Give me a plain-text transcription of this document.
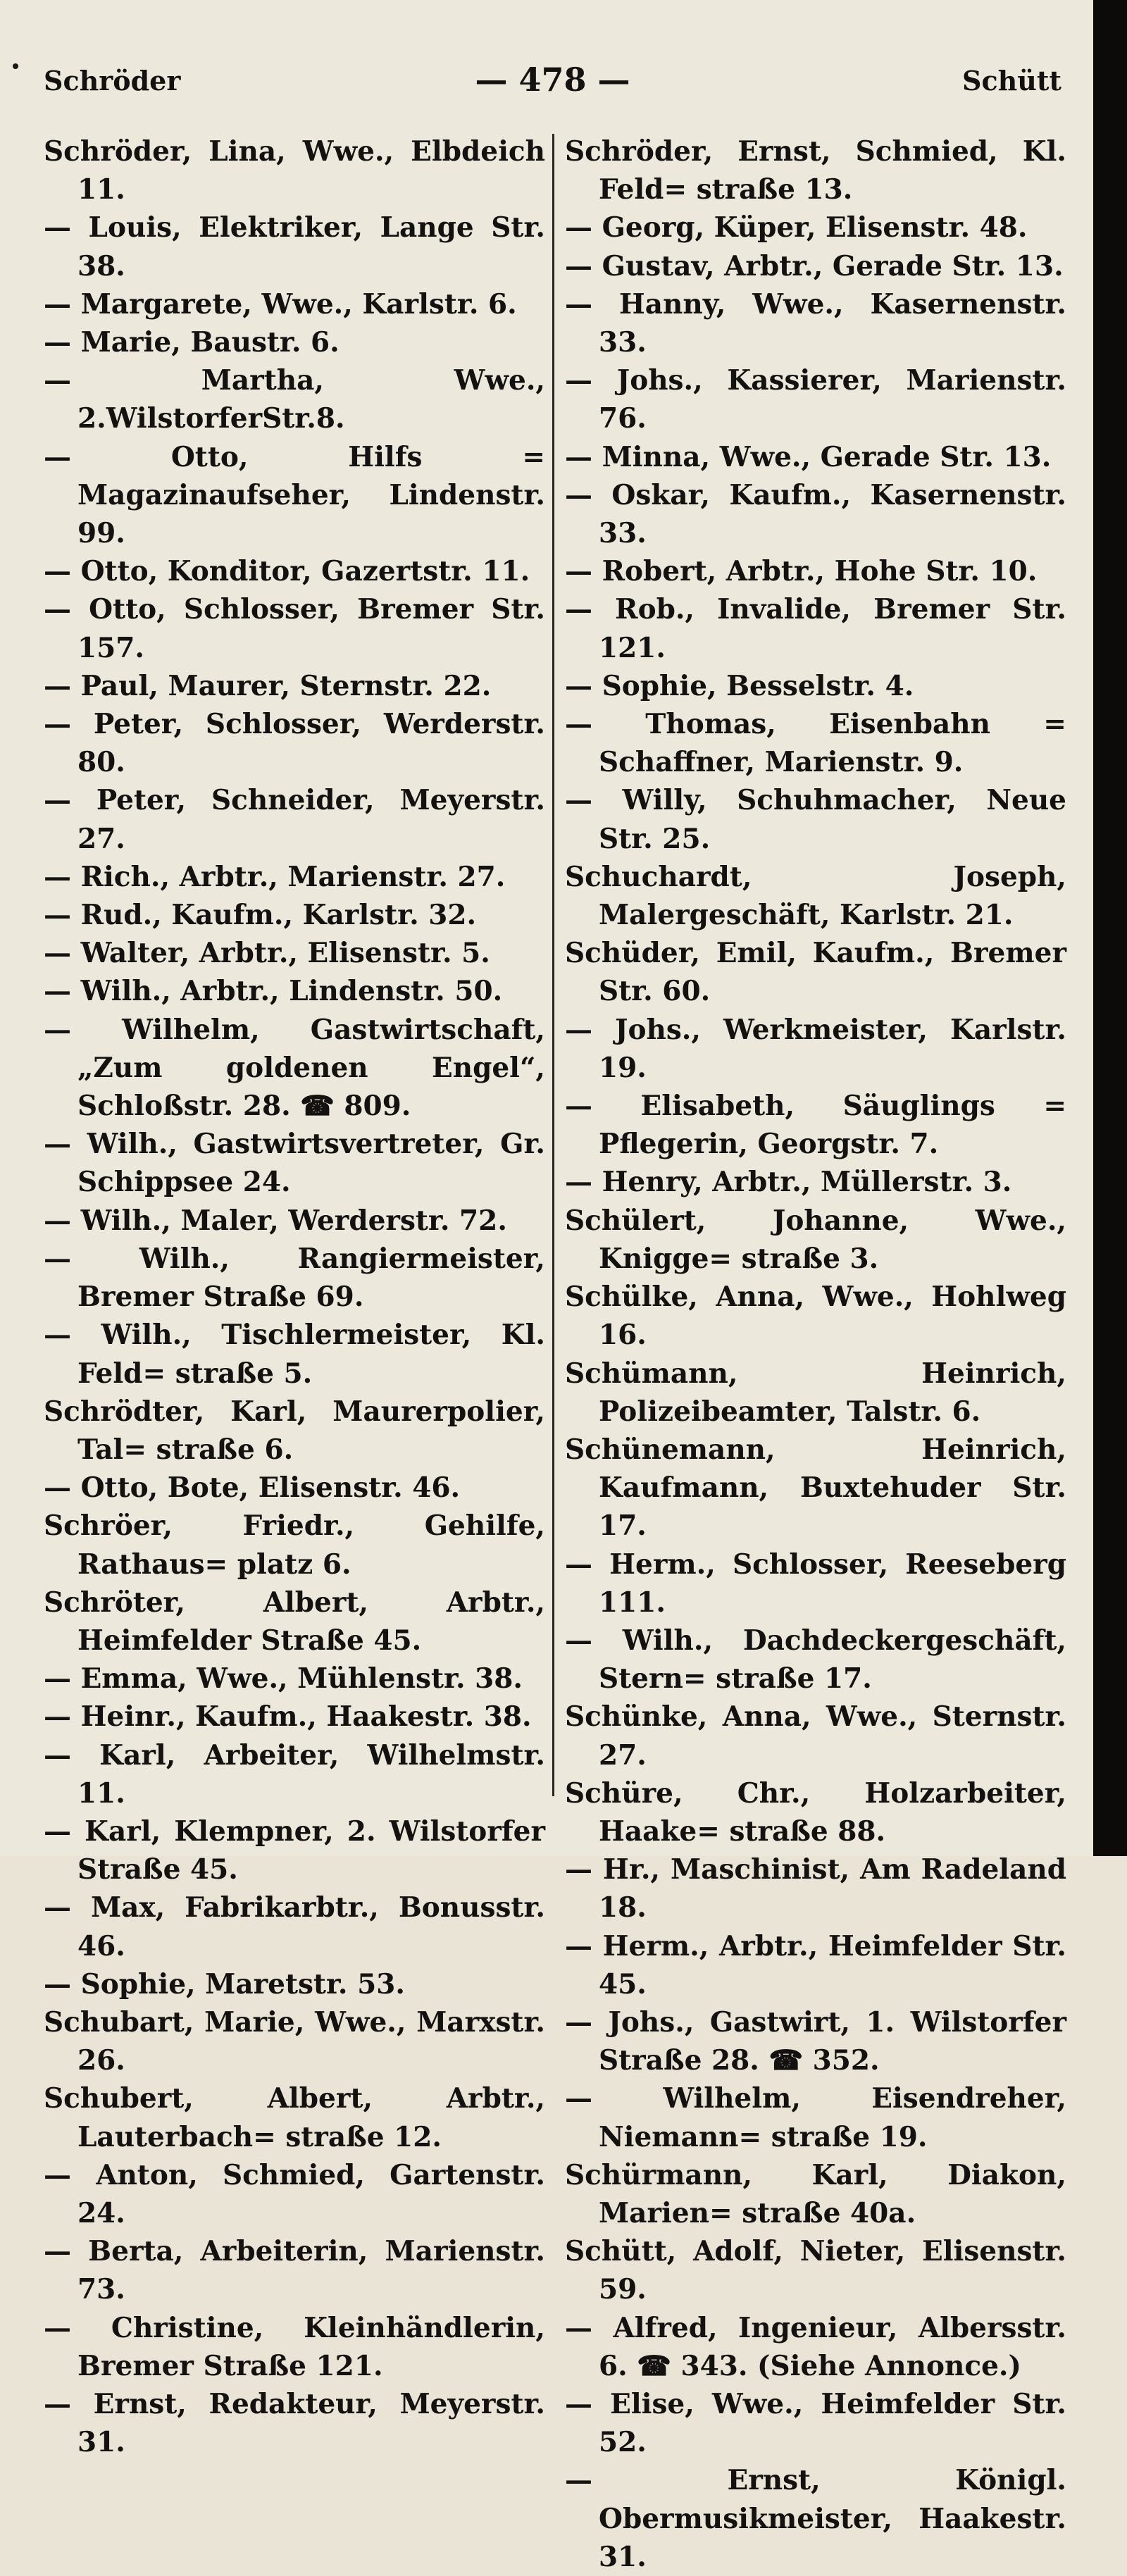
Schröder	— 478 —	Schütt

Schröder, Lina, Wwe., Elbdeich 11.

— Louis, Elektriker, Lange Str. 38.

— Margarete, Wwe., Karlstr. 6.

— Marie, Baustr. 6.

— Martha, Wwe., 2.WilstorferStr.8.

— Otto, Hilfs = Magazinaufseher, Lindenstr. 99.

— Otto, Konditor, Gazertstr. 11.

— Otto, Schlosser, Bremer Str. 157.

— Paul, Maurer, Sternstr. 22.

— Peter, Schlosser, Werderstr. 80.

— Peter, Schneider, Meyerstr. 27.

— Rich., Arbtr., Marienstr. 27.

— Rud., Kaufm., Karlstr. 32.

— Walter, Arbtr., Elisenstr. 5.

— Wilh., Arbtr., Lindenstr. 50.

— Wilhelm, Gastwirtschaft, „Zum goldenen Engel“, Schloßstr. 28. ☎ 809.

— Wilh., Gastwirtsvertreter, Gr. Schippsee 24.

— Wilh., Maler, Werderstr. 72.

— Wilh., Rangiermeister, Bremer Straße 69.

— Wilh., Tischlermeister, Kl. Feld= straße 5.

Schrödter, Karl, Maurerpolier, Tal= straße 6.

— Otto, Bote, Elisenstr. 46.

Schröer, Friedr., Gehilfe, Rathaus= platz 6.

Schröter, Albert, Arbtr., Heimfelder Straße 45.

— Emma, Wwe., Mühlenstr. 38.

— Heinr., Kaufm., Haakestr. 38.

— Karl, Arbeiter, Wilhelmstr. 11.

— Karl, Klempner, 2. Wilstorfer Straße 45.

— Max, Fabrikarbtr., Bonusstr. 46.

— Sophie, Maretstr. 53.

Schubart, Marie, Wwe., Marxstr. 26.

Schubert, Albert, Arbtr., Lauterbach= straße 12.

— Anton, Schmied, Gartenstr. 24.

— Berta, Arbeiterin, Marienstr. 73.

— Christine, Kleinhändlerin, Bremer Straße 121.

— Ernst, Redakteur, Meyerstr. 31.

Schröder, Ernst, Schmied, Kl. Feld= straße 13.

— Georg, Küper, Elisenstr. 48.

— Gustav, Arbtr., Gerade Str. 13.

— Hanny, Wwe., Kasernenstr. 33.

— Johs., Kassierer, Marienstr. 76.

— Minna, Wwe., Gerade Str. 13.

— Oskar, Kaufm., Kasernenstr. 33.

— Robert, Arbtr., Hohe Str. 10.

— Rob., Invalide, Bremer Str. 121.

— Sophie, Besselstr. 4.

— Thomas, Eisenbahn = Schaffner, Marienstr. 9.

— Willy, Schuhmacher, Neue Str. 25.

Schuchardt, Joseph, Malergeschäft, Karlstr. 21.

Schüder, Emil, Kaufm., Bremer Str. 60.

— Johs., Werkmeister, Karlstr. 19.

— Elisabeth, Säuglings = Pflegerin, Georgstr. 7.

— Henry, Arbtr., Müllerstr. 3.

Schülert, Johanne, Wwe., Knigge= straße 3.

Schülke, Anna, Wwe., Hohlweg 16.

Schümann, Heinrich, Polizeibeamter, Talstr. 6.

Schünemann, Heinrich, Kaufmann, Buxtehuder Str. 17.

— Herm., Schlosser, Reeseberg 111.

— Wilh., Dachdeckergeschäft, Stern= straße 17.

Schünke, Anna, Wwe., Sternstr. 27.

Schüre, Chr., Holzarbeiter, Haake= straße 88.

— Hr., Maschinist, Am Radeland 18.

— Herm., Arbtr., Heimfelder Str. 45.

— Johs., Gastwirt, 1. Wilstorfer Straße 28. ☎ 352.

— Wilhelm, Eisendreher, Niemann= straße 19.

Schürmann, Karl, Diakon, Marien= straße 40a.

Schütt, Adolf, Nieter, Elisenstr. 59.

— Alfred, Ingenieur, Albersstr. 6. ☎ 343. (Siehe Annonce.)

— Elise, Wwe., Heimfelder Str. 52.

— Ernst, Königl. Obermusikmeister, Haakestr. 31.
